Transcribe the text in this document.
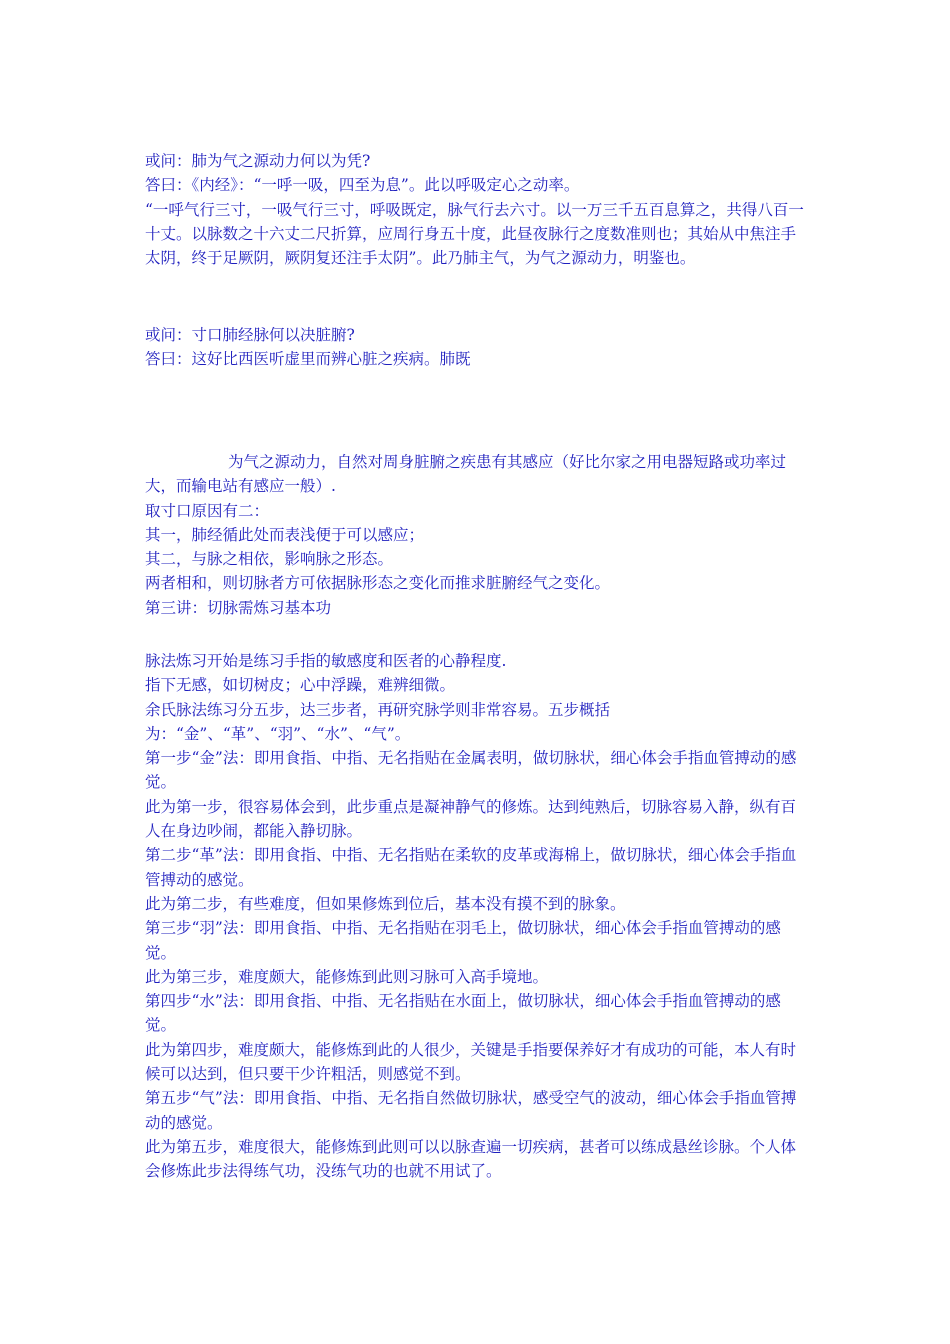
或问：肺为气之源动力何以为凭?

答曰：《内经》：“一呼一吸，四至为息”。此以呼吸定心之动率。

“一呼气行三寸，一吸气行三寸，呼吸既定，脉气行去六寸。以一万三千五百息算之，共得八百一十丈。以脉数之十六丈二尺折算，应周行身五十度，此昼夜脉行之度数准则也；其始从中焦注手太阴，终于足厥阴，厥阴复还注手太阴”。此乃肺主气，为气之源动力，明鉴也。

或问：寸口肺经脉何以决脏腑?

答曰：这好比西医听虚里而辨心脏之疾病。肺既

为气之源动力，自然对周身脏腑之疾患有其感应（好比尔家之用电器短路或功率过大，而输电站有感应一般）.

取寸口原因有二：

其一，肺经循此处而表浅便于可以感应；

其二，与脉之相依，影响脉之形态。

两者相和，则切脉者方可依据脉形态之变化而推求脏腑经气之变化。

第三讲：切脉需炼习基本功

脉法炼习开始是练习手指的敏感度和医者的心静程度.

指下无感，如切树皮；心中浮躁，难辨细微。

余氏脉法练习分五步，达三步者，再研究脉学则非常容易。五步概括为：“金”、“革”、“羽”、“水”、“气”。

第一步“金”法：即用食指、中指、无名指贴在金属表明，做切脉状，细心体会手指血管搏动的感觉。

此为第一步，很容易体会到，此步重点是凝神静气的修炼。达到纯熟后，切脉容易入静，纵有百人在身边吵闹，都能入静切脉。

第二步“革”法：即用食指、中指、无名指贴在柔软的皮革或海棉上，做切脉状，细心体会手指血管搏动的感觉。

此为第二步，有些难度，但如果修炼到位后，基本没有摸不到的脉象。

第三步“羽”法：即用食指、中指、无名指贴在羽毛上，做切脉状，细心体会手指血管搏动的感觉。

此为第三步，难度颇大，能修炼到此则习脉可入高手境地。

第四步“水”法：即用食指、中指、无名指贴在水面上，做切脉状，细心体会手指血管搏动的感觉。

此为第四步，难度颇大，能修炼到此的人很少，关键是手指要保养好才有成功的可能，本人有时候可以达到，但只要干少许粗活，则感觉不到。

第五步“气”法：即用食指、中指、无名指自然做切脉状，感受空气的波动，细心体会手指血管搏动的感觉。

此为第五步，难度很大，能修炼到此则可以以脉查遍一切疾病，甚者可以练成悬丝诊脉。个人体会修炼此步法得练气功，没练气功的也就不用试了。
